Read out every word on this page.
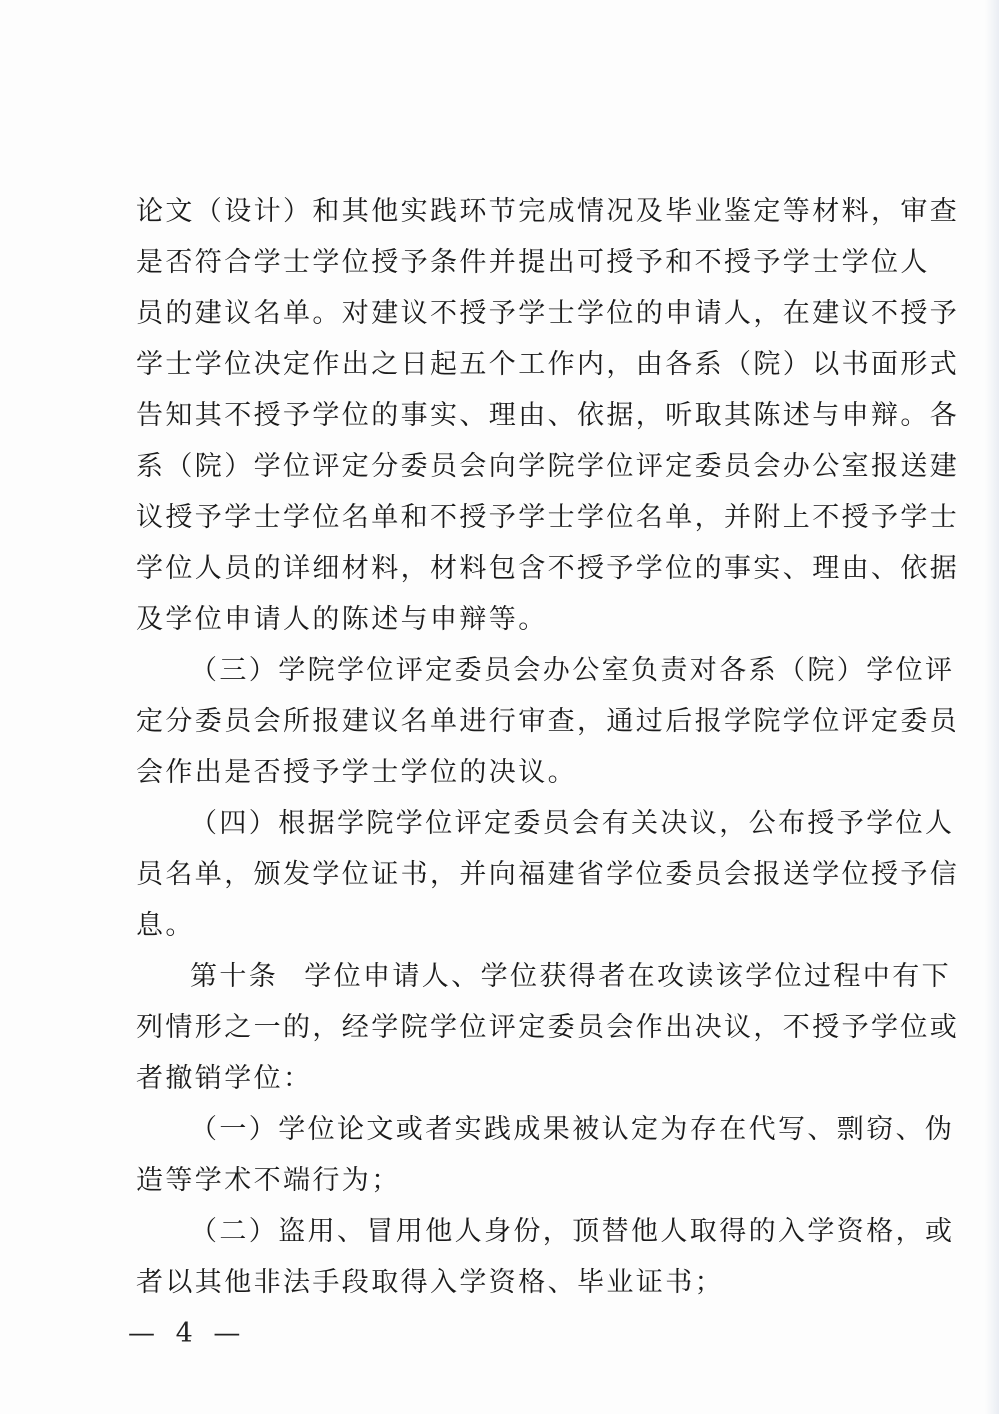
论文（设计）和其他实践环节完成情况及毕业鉴定等材料，审查
是否符合学士学位授予条件并提出可授予和不授予学士学位人
员的建议名单。对建议不授予学士学位的申请人，在建议不授予
学士学位决定作出之日起五个工作内，由各系（院）以书面形式
告知其不授予学位的事实、理由、依据，听取其陈述与申辩。各
系（院）学位评定分委员会向学院学位评定委员会办公室报送建
议授予学士学位名单和不授予学士学位名单，并附上不授予学士
学位人员的详细材料，材料包含不授予学位的事实、理由、依据
及学位申请人的陈述与申辩等。
（三）学院学位评定委员会办公室负责对各系（院）学位评
定分委员会所报建议名单进行审查，通过后报学院学位评定委员
会作出是否授予学士学位的决议。
（四）根据学院学位评定委员会有关决议，公布授予学位人
员名单，颁发学位证书，并向福建省学位委员会报送学位授予信
息。
第十条 学位申请人、学位获得者在攻读该学位过程中有下
列情形之一的，经学院学位评定委员会作出决议，不授予学位或
者撤销学位：
（一）学位论文或者实践成果被认定为存在代写、剽窃、伪
造等学术不端行为；
（二）盗用、冒用他人身份，顶替他人取得的入学资格，或
者以其他非法手段取得入学资格、毕业证书；
— 4 —
